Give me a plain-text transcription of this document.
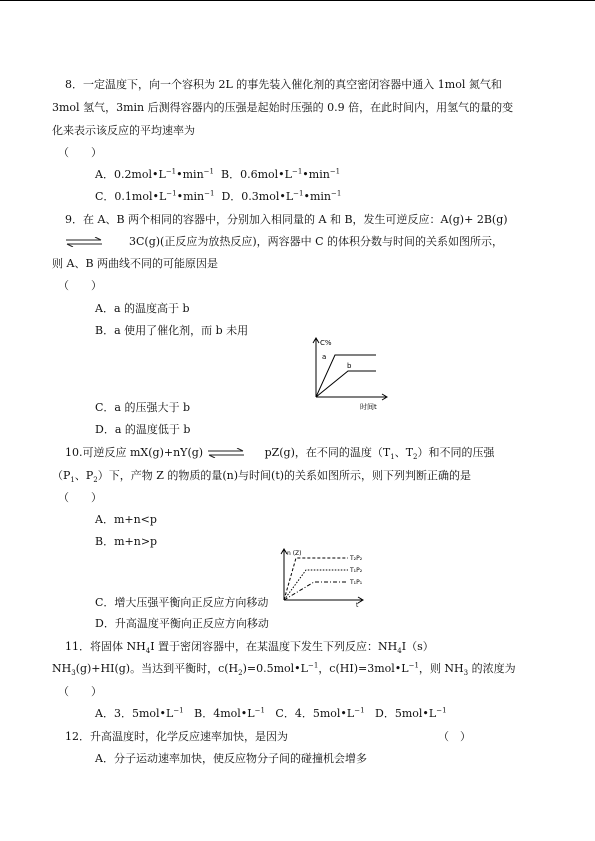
8．一定温度下，向一个容积为 2L 的事先装入催化剂的真空密闭容器中通入 1mol 氮气和
3mol 氢气，3min 后测得容器内的压强是起始时压强的 0.9 倍，在此时间内，用氢气的量的变
化来表示该反应的平均速率为
（　　）
A．$0.2mol•L^{-1}•\min^{-1}$ B．$0.6mol•L^{-1}•\min^{-1}$
C．$0.1mol•L^{-1}•\min^{-1}$ D．$0.3mol•L^{-1}•\min^{-1}$
9．在 A、B 两个相同的容器中，分别加入相同量的 A 和 B，发生可逆反应：A(g)+ 2B(g)
3C(g)(正反应为放热反应)，两容器中 C 的体积分数与时间的关系如图所示，
则 A、B 两曲线不同的可能原因是
（　　）
A．a 的温度高于 b
B．a 使用了催化剂，而 b 未用
C%
a
b
时间t
C．a 的压强大于 b
D．a 的温度低于 b
10.可逆反应 mX(g)+nY(g) ⇌ pZ(g)，在不同的温度（$T_1$、$T_2$）和不同的压强
（$P_1$、$P_2$）下，产物 Z 的物质的量(n)与时间(t)的关系如图所示，则下列判断正确的是
（　　）
A．m+n<p
B．m+n>p
n (Z)
T₂P₂
T₁P₂
T₁P₁
t
C．增大压强平衡向正反应方向移动
D．升高温度平衡向正反应方向移动
11．将固体 $NH_4I$ 置于密闭容器中，在某温度下发生下列反应：$NH_4I(s)$
$NH_3(g)+HI(g)$。当达到平衡时，$c(H_2)=0.5mol•L^{-1}$，$c(HI)=3mol•L^{-1}$，则 $NH_3$ 的浓度为
（　　）
A．3．$5mol•L^{-1}$ B．$4mol•L^{-1}$ C．4．$5mol•L^{-1}$ D．$5mol•L^{-1}$
12．升高温度时，化学反应速率加快，是因为	（　）
A．分子运动速率加快，使反应物分子间的碰撞机会增多
